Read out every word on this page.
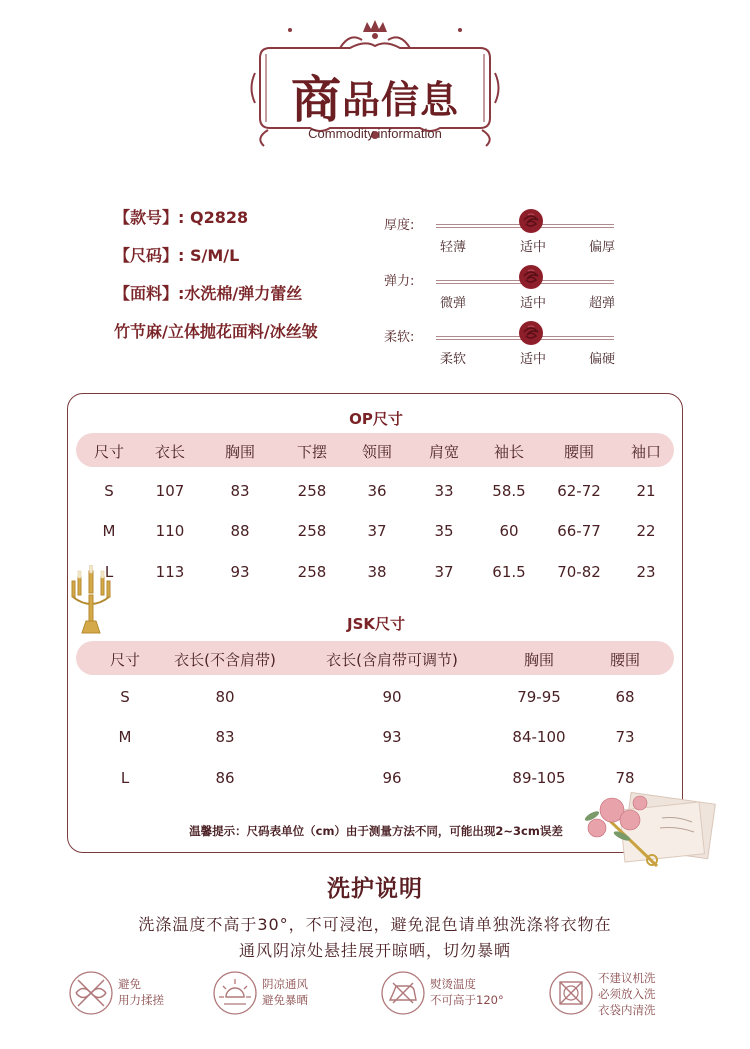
商品信息
Commodity information
【款号】: Q2828
【尺码】: S/M/L
【面料】:水洗棉/弹力蕾丝
竹节麻/立体抛花面料/冰丝皱
厚度:
轻薄	适中	偏厚
弹力:
微弹	适中	超弹
柔软:
柔软	适中	偏硬
OP尺寸
尺寸 衣长	胸围	下摆 领围 肩宽 袖长	腰围 袖口
S	107	83	258	36	33	58.5 62-72 21
M	110	88	258	37	35	60	66-77 22
L	113	93	258	38	37	61.5 70-82 23
JSK尺寸
尺寸 衣长(不含肩带)	衣长(含肩带可调节)	胸围	腰围
S	80	90	79-95	68
M	83	93	84-100	73
L	86	96	89-105	78
温馨提示：尺码表单位（cm）由于测量方法不同，可能出现2~3cm误差
洗护说明
洗涤温度不高于30°，不可浸泡，避免混色请单独洗涤将衣物在
通风阴凉处悬挂展开晾晒，切勿暴晒
避免
用力揉搓
阴凉通风
避免暴晒
熨烫温度
不可高于120°
不建议机洗
必须放入洗
衣袋内清洗
